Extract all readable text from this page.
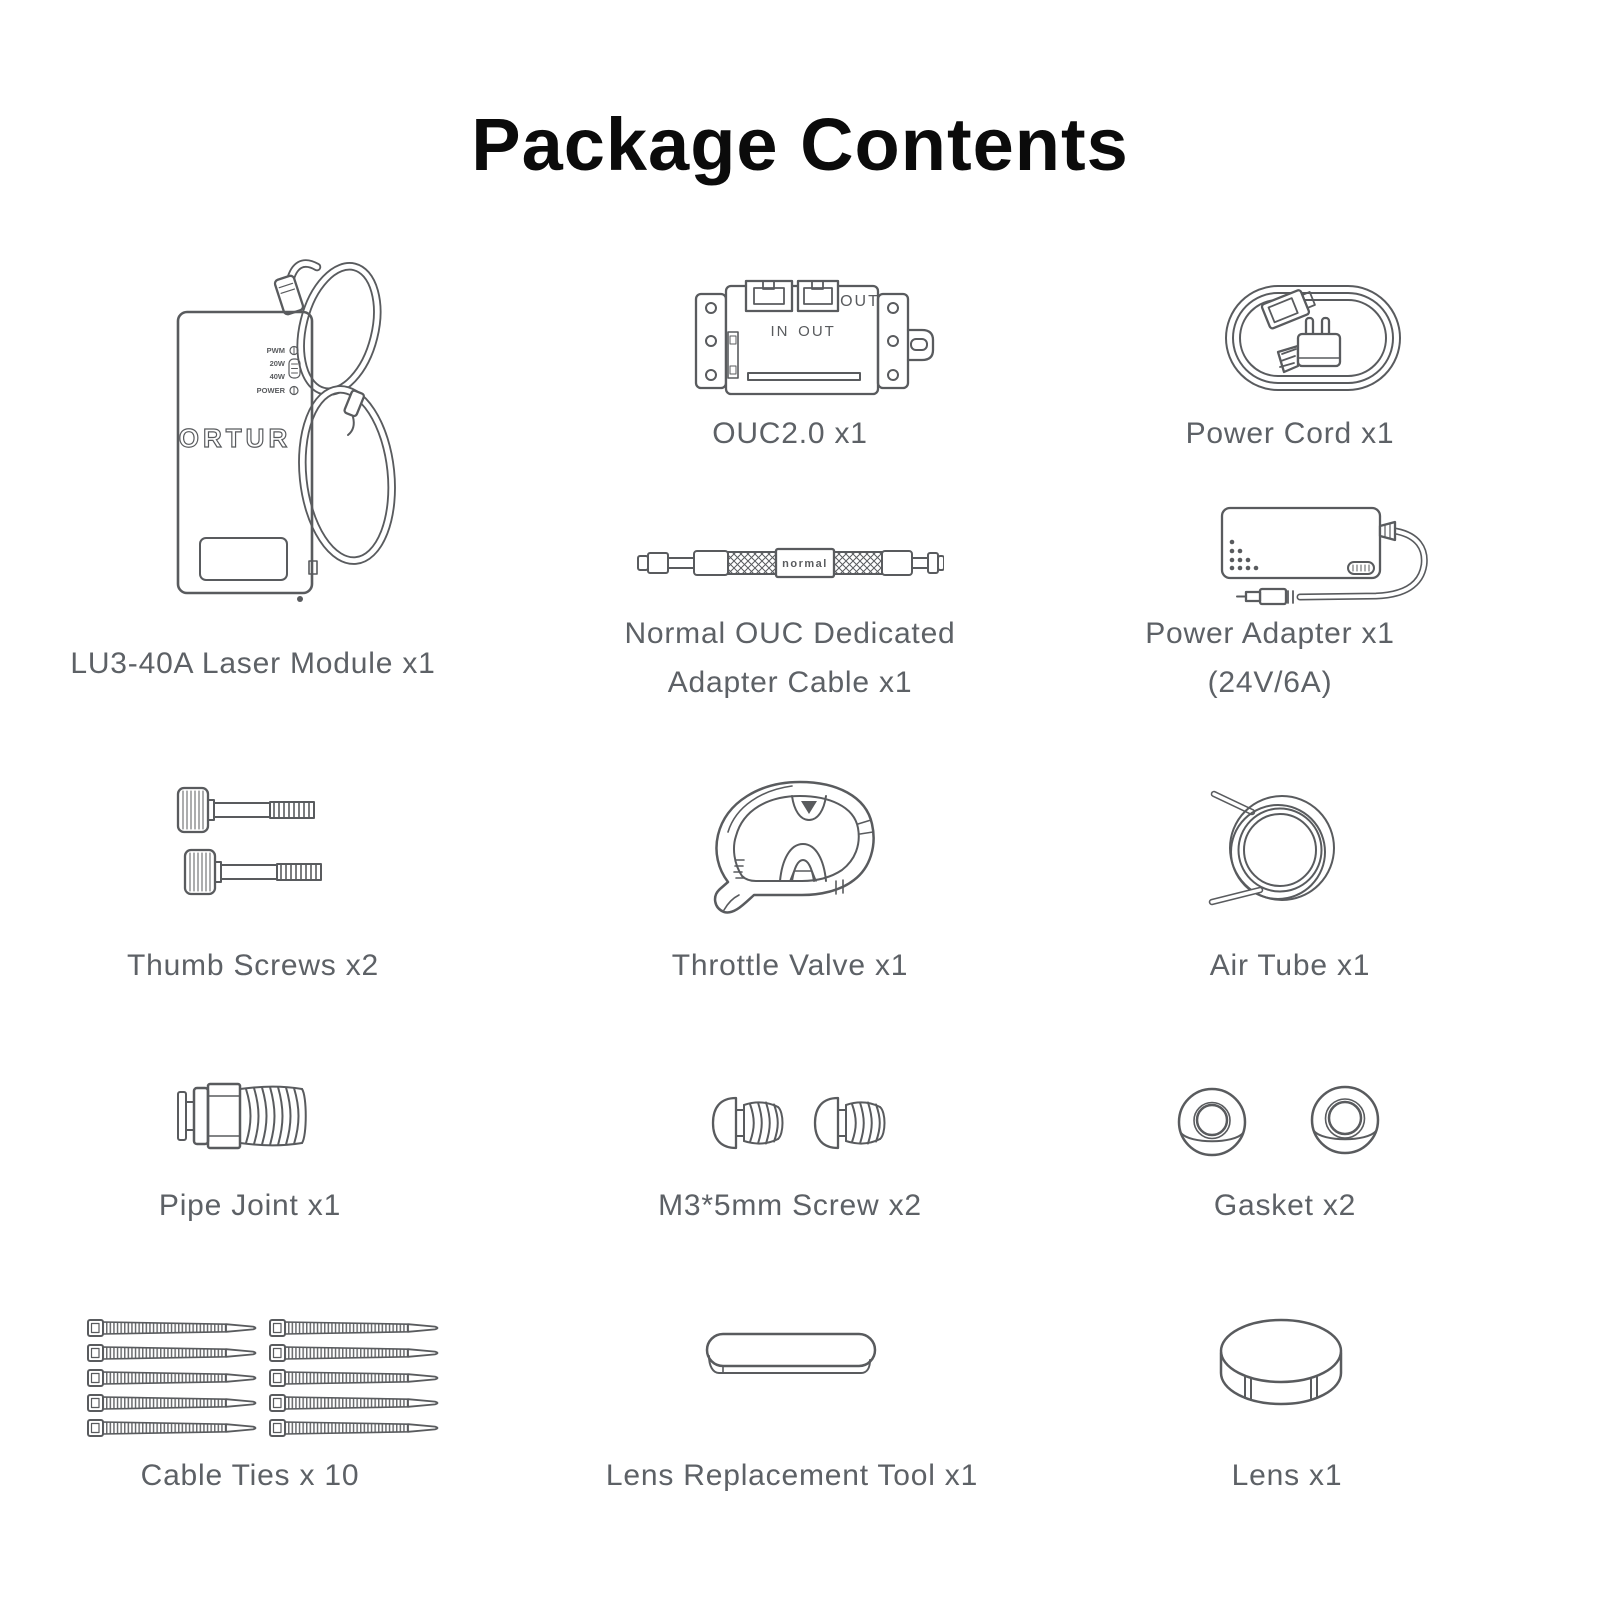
Package Contents
PWM
20W
40W
POWER
ORTUR
LU3-40A Laser Module x1
IN OUT
OUT
OUC2.0 x1	Power Cord x1
normal
Normal OUC Dedicated
Adapter Cable x1
Power Adapter x1
(24V/6A)
Thumb Screws x2	Throttle Valve x1	Air Tube x1
Pipe Joint x1	M3*5mm Screw x2	Gasket x2
Cable Ties x 10	Lens Replacement Tool x1	Lens x1
